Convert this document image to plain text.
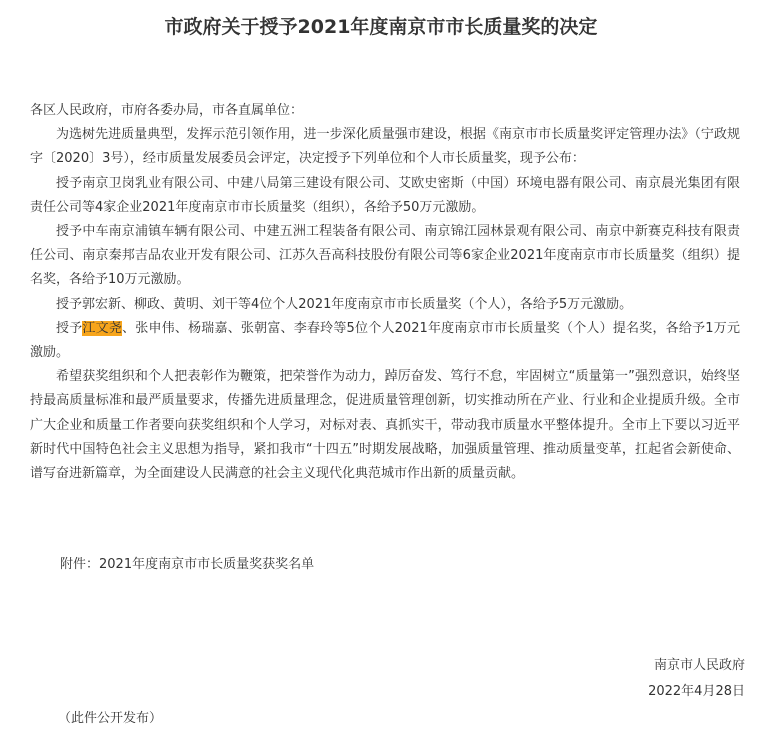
市政府关于授予2021年度南京市市长质量奖的决定

各区人民政府，市府各委办局，市各直属单位：

为选树先进质量典型，发挥示范引领作用，进一步深化质量强市建设，根据《南京市市长质量奖评定管理办法》（宁政规字〔2020〕3号），经市质量发展委员会评定，决定授予下列单位和个人市长质量奖，现予公布：

授予南京卫岗乳业有限公司、中建八局第三建设有限公司、艾欧史密斯（中国）环境电器有限公司、南京晨光集团有限责任公司等4家企业2021年度南京市市长质量奖（组织），各给予50万元激励。

授予中车南京浦镇车辆有限公司、中建五洲工程装备有限公司、南京锦江园林景观有限公司、南京中新赛克科技有限责任公司、南京秦邦吉品农业开发有限公司、江苏久吾高科技股份有限公司等6家企业2021年度南京市市长质量奖（组织）提名奖，各给予10万元激励。

授予郭宏新、柳政、黄明、刘干等4位个人2021年度南京市市长质量奖（个人），各给予5万元激励。

授予江文尧、张申伟、杨瑞嘉、张朝富、李春玲等5位个人2021年度南京市市长质量奖（个人）提名奖，各给予1万元激励。

希望获奖组织和个人把表彰作为鞭策，把荣誉作为动力，踔厉奋发、笃行不怠，牢固树立“质量第一”强烈意识，始终坚持最高质量标准和最严质量要求，传播先进质量理念，促进质量管理创新，切实推动所在产业、行业和企业提质升级。全市广大企业和质量工作者要向获奖组织和个人学习，对标对表、真抓实干，带动我市质量水平整体提升。全市上下要以习近平新时代中国特色社会主义思想为指导，紧扣我市“十四五”时期发展战略，加强质量管理、推动质量变革，扛起省会新使命、谱写奋进新篇章，为全面建设人民满意的社会主义现代化典范城市作出新的质量贡献。

附件：2021年度南京市市长质量奖获奖名单
南京市人民政府
2022年4月28日
（此件公开发布）
